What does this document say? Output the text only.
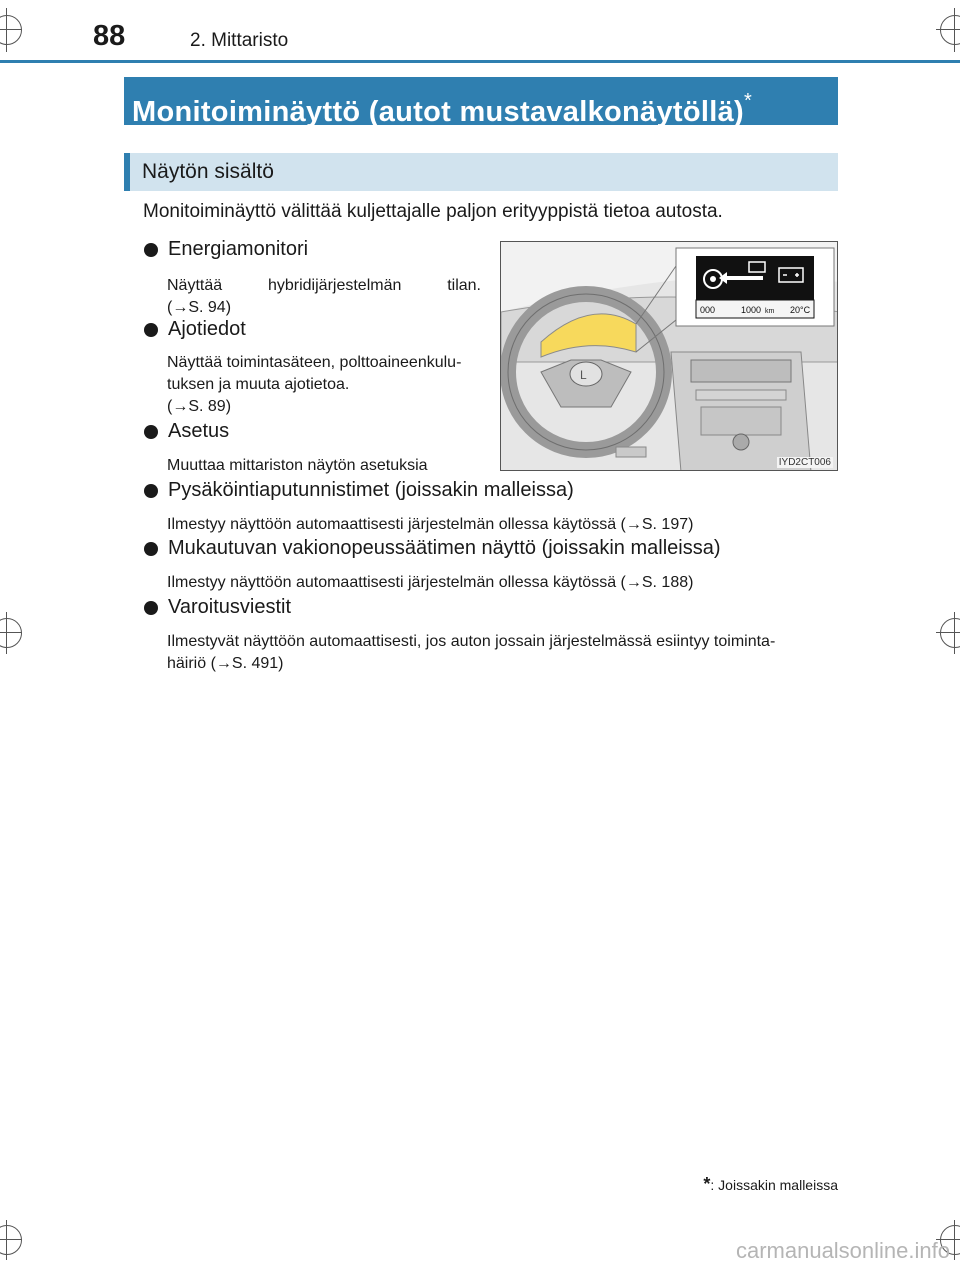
88	2. Mittaristo
Monitoiminäyttö (autot mustavalkonäytöllä)*
Näytön sisältö
Monitoiminäyttö välittää kuljettajalle paljon erityyppistä tietoa autosta.
Energiamonitori
Näyttää hybridijärjestelmän tilan.
(→S. 94)
Ajotiedot
Näyttää toimintasäteen, polttoaineenkulu-
tuksen ja muuta ajotietoa.
(→S. 89)
Asetus
Muuttaa mittariston näytön asetuksia
Pysäköintiaputunnistimet (joissakin malleissa)
Ilmestyy näyttöön automaattisesti järjestelmän ollessa käytössä (→S. 197)
Mukautuvan vakionopeussäätimen näyttö (joissakin malleissa)
Ilmestyy näyttöön automaattisesti järjestelmän ollessa käytössä (→S. 188)
Varoitusviestit
Ilmestyvät näyttöön automaattisesti, jos auton jossain järjestelmässä esiintyy toiminta-
häiriö (→S. 491)
L
000	1000 km 20°C
IYD2CT006
*: Joissakin malleissa
carmanualsonline.info
